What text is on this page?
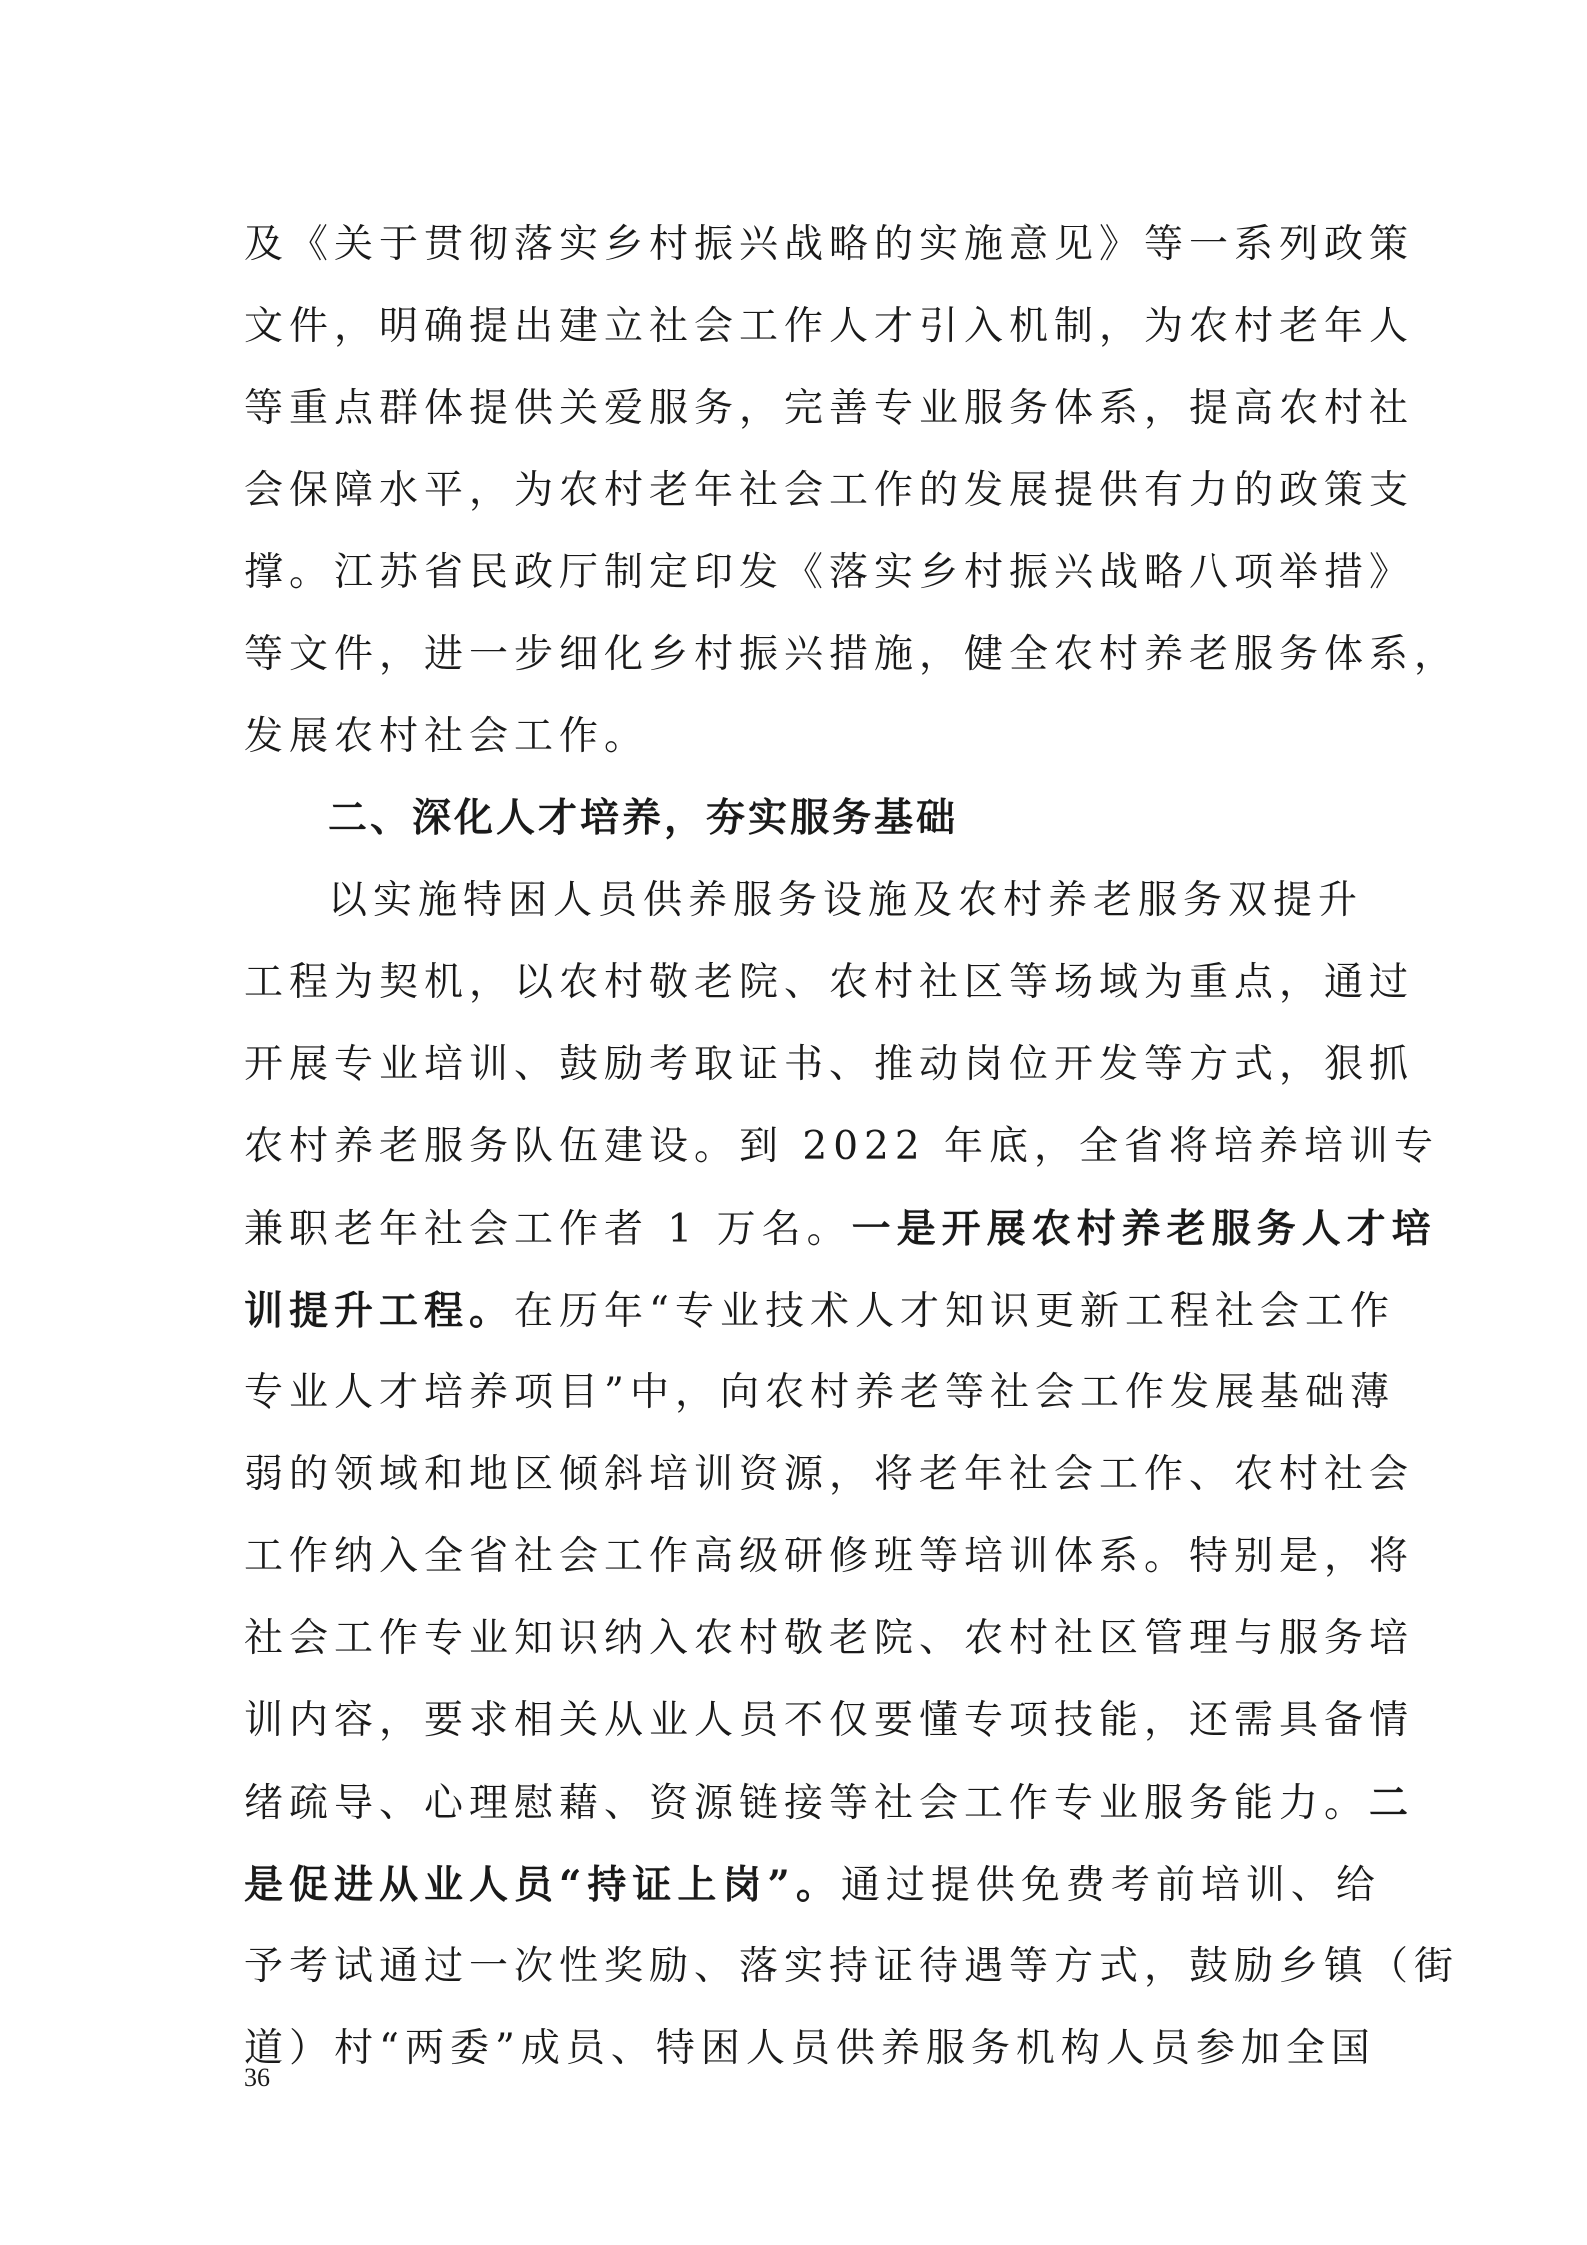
及《关于贯彻落实乡村振兴战略的实施意见》等一系列政策
文件，明确提出建立社会工作人才引入机制，为农村老年人
等重点群体提供关爱服务，完善专业服务体系，提高农村社
会保障水平，为农村老年社会工作的发展提供有力的政策支
撑。江苏省民政厅制定印发《落实乡村振兴战略八项举措》
等文件，进一步细化乡村振兴措施，健全农村养老服务体系，
发展农村社会工作。
二、深化人才培养，夯实服务基础
以实施特困人员供养服务设施及农村养老服务双提升
工程为契机，以农村敬老院、农村社区等场域为重点，通过
开展专业培训、鼓励考取证书、推动岗位开发等方式，狠抓
农村养老服务队伍建设。到 2022 年底，全省将培养培训专
兼职老年社会工作者 1 万名。一是开展农村养老服务人才培
训提升工程。在历年“专业技术人才知识更新工程社会工作
专业人才培养项目”中，向农村养老等社会工作发展基础薄
弱的领域和地区倾斜培训资源，将老年社会工作、农村社会
工作纳入全省社会工作高级研修班等培训体系。特别是，将
社会工作专业知识纳入农村敬老院、农村社区管理与服务培
训内容，要求相关从业人员不仅要懂专项技能，还需具备情
绪疏导、心理慰藉、资源链接等社会工作专业服务能力。二
是促进从业人员“持证上岗”。通过提供免费考前培训、给
予考试通过一次性奖励、落实持证待遇等方式，鼓励乡镇（街
道）村“两委”成员、特困人员供养服务机构人员参加全国
36
